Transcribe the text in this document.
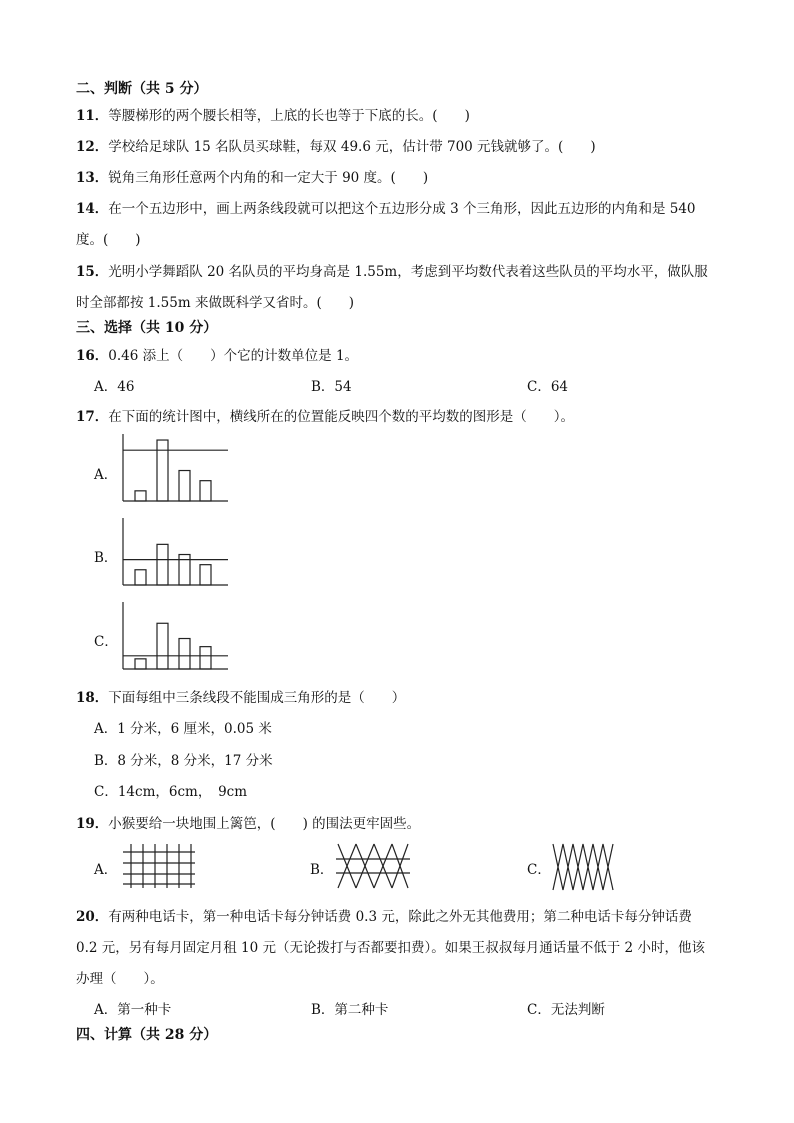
二、判断（共 5 分）
11．等腰梯形的两个腰长相等，上底的长也等于下底的长。(　　)
12．学校给足球队 15 名队员买球鞋，每双 49.6 元，估计带 700 元钱就够了。(　　)
13．锐角三角形任意两个内角的和一定大于 90 度。(　　)
14．在一个五边形中，画上两条线段就可以把这个五边形分成 3 个三角形，因此五边形的内角和是 540
度。(　　)
15．光明小学舞蹈队 20 名队员的平均身高是 1.55m，考虑到平均数代表着这些队员的平均水平，做队服
时全部都按 1.55m 来做既科学又省时。(　　)
三、选择（共 10 分）
16．0.46 添上（　　）个它的计数单位是 1。
A．46	B．54	C．64
17．在下面的统计图中，横线所在的位置能反映四个数的平均数的图形是（　　）。
A．
B．
C．
18．下面每组中三条线段不能围成三角形的是（　　）
A．1 分米，6 厘米，0.05 米
B．8 分米，8 分米，17 分米
C．14cm，6cm，　9cm
19．小猴要给一块地围上篱笆，(　　) 的围法更牢固些。
A．	B．	C．
20．有两种电话卡，第一种电话卡每分钟话费 0.3 元，除此之外无其他费用；第二种电话卡每分钟话费
0.2 元，另有每月固定月租 10 元（无论拨打与否都要扣费）。如果王叔叔每月通话量不低于 2 小时，他该
办理（　　）。
A．第一种卡	B．第二种卡	C．无法判断
四、计算（共 28 分）
